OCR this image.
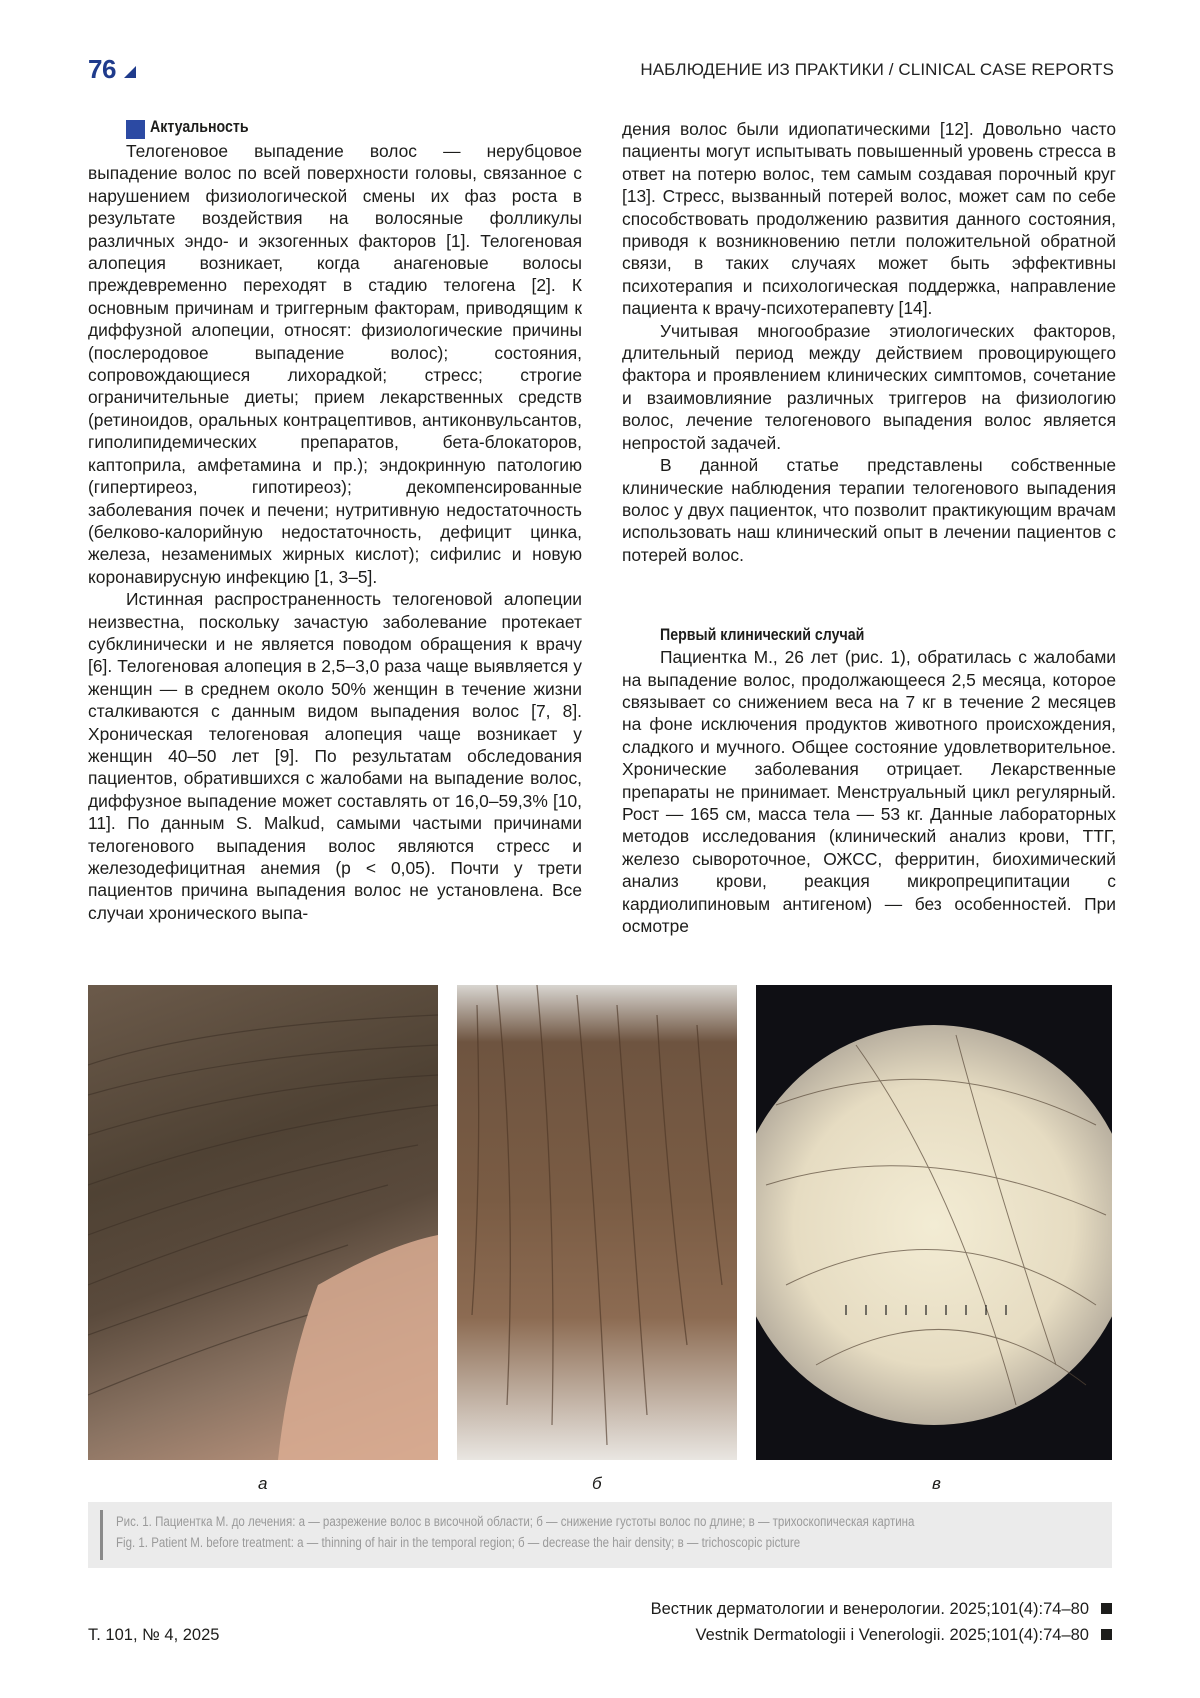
76	НАБЛЮДЕНИЕ ИЗ ПРАКТИКИ / CLINICAL CASE REPORTS
Актуальность

Телогеновое выпадение волос — нерубцовое выпадение волос по всей поверхности головы, связанное с нарушением физиологической смены их фаз роста в результате воздействия на волосяные фолликулы различных эндо- и экзогенных факторов [1]. Телогеновая алопеция возникает, когда анагеновые волосы преждевременно переходят в стадию телогена [2]. К основным причинам и триггерным факторам, приводящим к диффузной алопеции, относят: физиологические причины (послеродовое выпадение волос); состояния, сопровождающиеся лихорадкой; стресс; строгие ограничительные диеты; прием лекарственных средств (ретиноидов, оральных контрацептивов, антиконвульсантов, гиполипидемических препаратов, бета-блокаторов, каптоприла, амфетамина и пр.); эндокринную патологию (гипертиреоз, гипотиреоз); декомпенсированные заболевания почек и печени; нутритивную недостаточность (белково-калорийную недостаточность, дефицит цинка, железа, незаменимых жирных кислот); сифилис и новую коронавирусную инфекцию [1, 3–5].

Истинная распространенность телогеновой алопеции неизвестна, поскольку зачастую заболевание протекает субклинически и не является поводом обращения к врачу [6]. Телогеновая алопеция в 2,5–3,0 раза чаще выявляется у женщин — в среднем около 50% женщин в течение жизни сталкиваются с данным видом выпадения волос [7, 8]. Хроническая телогеновая алопеция чаще возникает у женщин 40–50 лет [9]. По результатам обследования пациентов, обратившихся с жалобами на выпадение волос, диффузное выпадение может составлять от 16,0–59,3% [10, 11]. По данным S. Malkud, самыми частыми причинами телогенового выпадения волос являются стресс и железодефицитная анемия (p < 0,05). Почти у трети пациентов причина выпадения волос не установлена. Все случаи хронического выпа-

дения волос были идиопатическими [12]. Довольно часто пациенты могут испытывать повышенный уровень стресса в ответ на потерю волос, тем самым создавая порочный круг [13]. Стресс, вызванный потерей волос, может сам по себе способствовать продолжению развития данного состояния, приводя к возникновению петли положительной обратной связи, в таких случаях может быть эффективны психотерапия и психологическая поддержка, направление пациента к врачу-психотерапевту [14].

Учитывая многообразие этиологических факторов, длительный период между действием провоцирующего фактора и проявлением клинических симптомов, сочетание и взаимовлияние различных триггеров на физиологию волос, лечение телогенового выпадения волос является непростой задачей.

В данной статье представлены собственные клинические наблюдения терапии телогенового выпадения волос у двух пациенток, что позволит практикующим врачам использовать наш клинический опыт в лечении пациентов с потерей волос.

Первый клинический случай

Пациентка М., 26 лет (рис. 1), обратилась с жалобами на выпадение волос, продолжающееся 2,5 месяца, которое связывает со снижением веса на 7 кг в течение 2 месяцев на фоне исключения продуктов животного происхождения, сладкого и мучного. Общее состояние удовлетворительное. Хронические заболевания отрицает. Лекарственные препараты не принимает. Менструальный цикл регулярный. Рост — 165 см, масса тела — 53 кг. Данные лабораторных методов исследования (клинический анализ крови, ТТГ, железо сывороточное, ОЖСС, ферритин, биохимический анализ крови, реакция микропреципитации с кардиолипиновым антигеном) — без особенностей. При осмотре

а	б	в
Рис. 1. Пациентка М. до лечения: а — разрежение волос в височной области; б — снижение густоты волос по длине; в — трихоскопическая картина
Fig. 1. Patient M. before treatment: a — thinning of hair in the temporal region; б — decrease the hair density; в — trichoscopic picture
Вестник дерматологии и венерологии. 2025;101(4):74–80
Т. 101, № 4, 2025	Vestnik Dermatologii i Venerologii. 2025;101(4):74–80
